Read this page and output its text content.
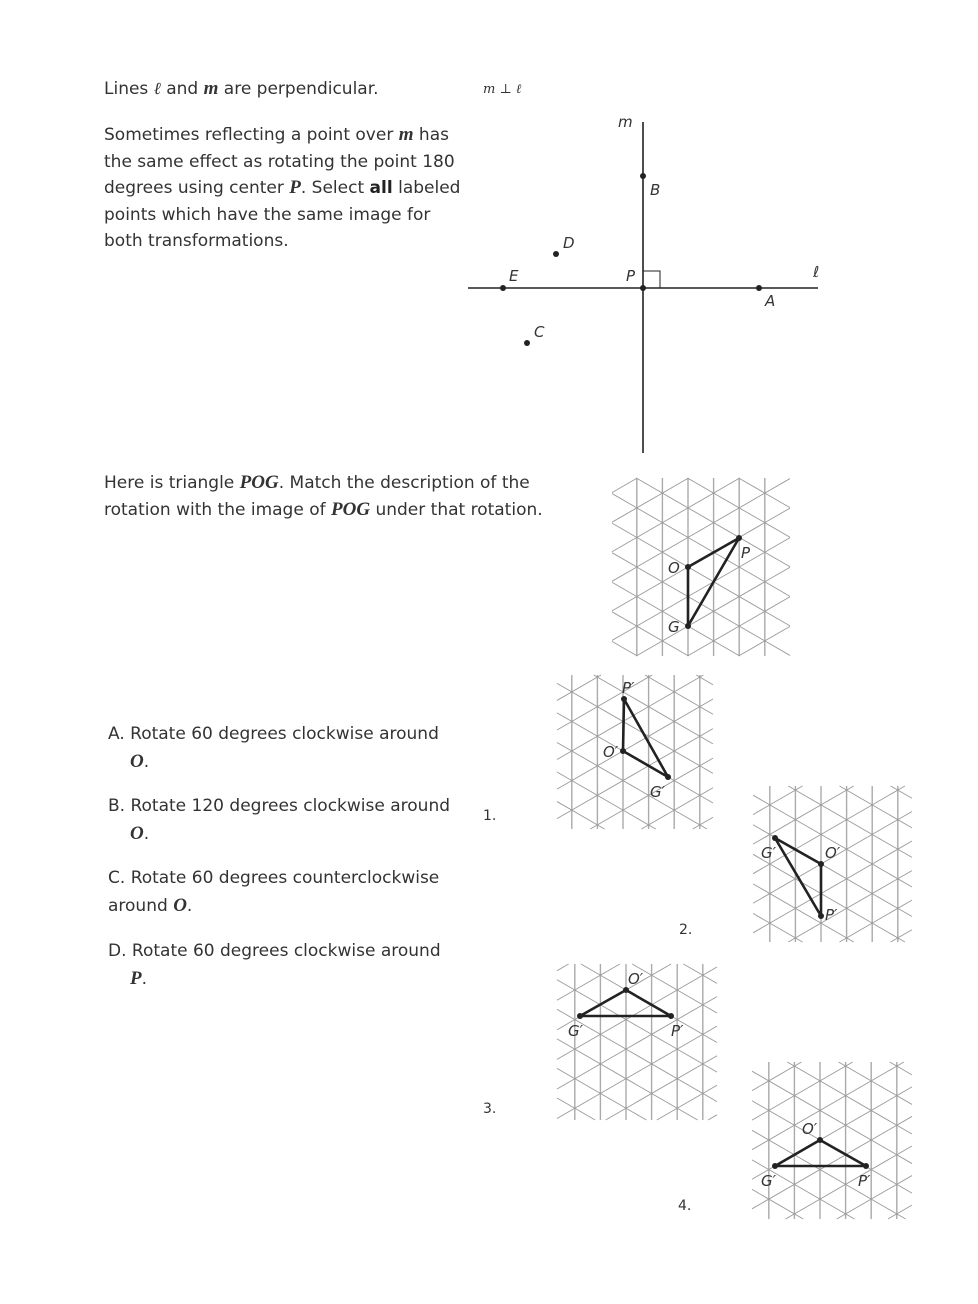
Lines ℓ and m are perpendicular.
Sometimes reflecting a point over m has the same effect as rotating the point 180 degrees using center P. Select all labeled points which have the same image for both transformations.
m ⊥ ℓ
m
B
D
E	P
A
C
ℓ
Here is triangle POG. Match the description of the rotation with the image of POG under that rotation.
A. Rotate 60 degrees clockwise around
O.
B. Rotate 120 degrees clockwise around
O.
C. Rotate 60 degrees counterclockwise around O.
D. Rotate 60 degrees clockwise around
P.
1.
2.
3.
4.
P
O
G
P′
O′
G′
P′
O′
G′
P′
O′
G′
P′
O′
G′
